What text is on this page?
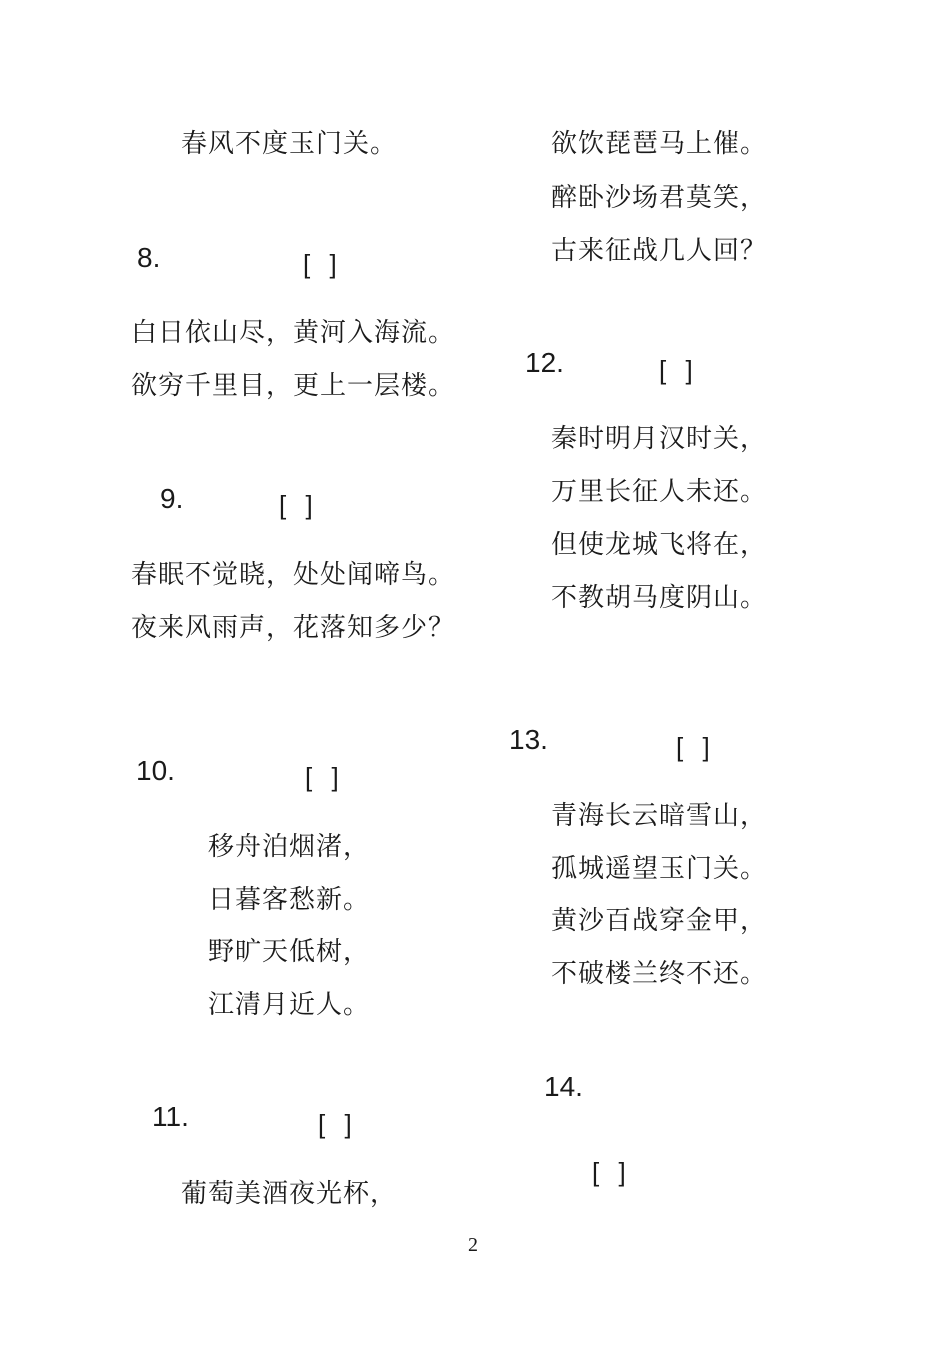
春风不度玉门关。
8.	[ ]
白日依山尽，黄河入海流。
欲穷千里目，更上一层楼。
9.	[ ]
春眠不觉晓，处处闻啼鸟。
夜来风雨声，花落知多少？
10.	[ ]
移舟泊烟渚，
日暮客愁新。
野旷天低树，
江清月近人。
11.	[ ]
葡萄美酒夜光杯，
欲饮琵琶马上催。
醉卧沙场君莫笑，
古来征战几人回？
12.	[ ]
秦时明月汉时关，
万里长征人未还。
但使龙城飞将在，
不教胡马度阴山。
13.	[ ]
青海长云暗雪山，
孤城遥望玉门关。
黄沙百战穿金甲，
不破楼兰终不还。
14.
[ ]
2
